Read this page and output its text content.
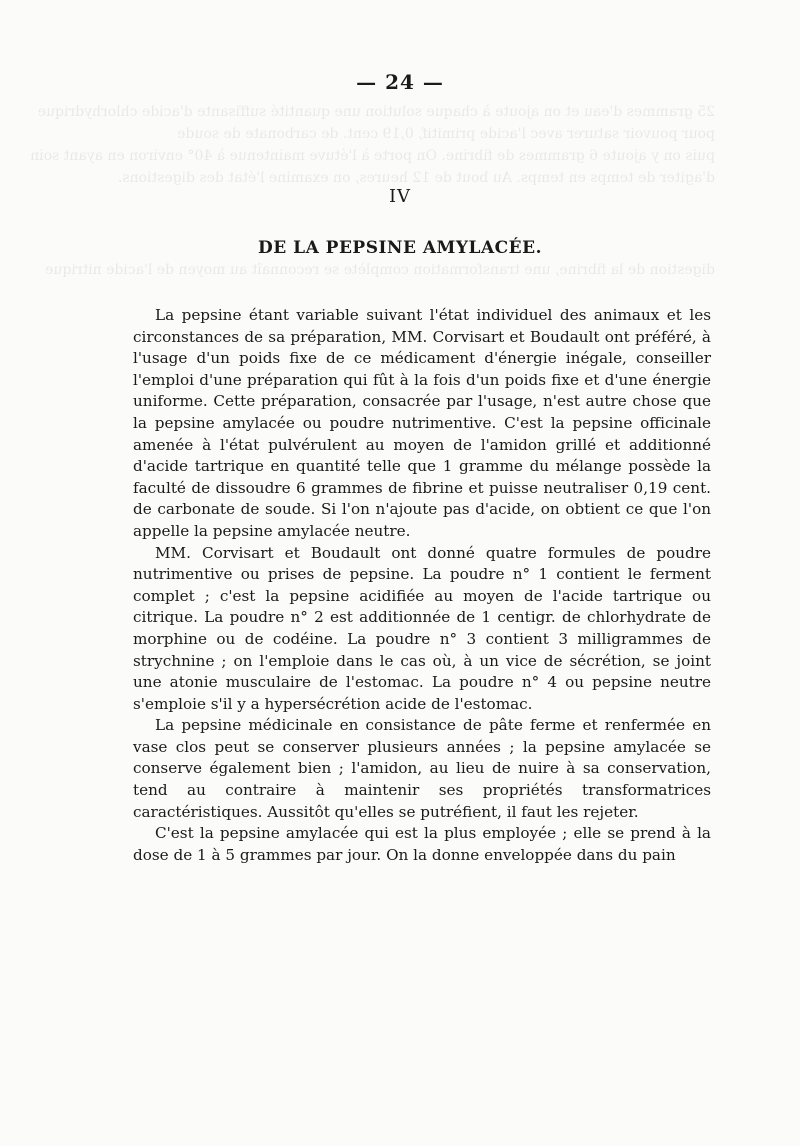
25 grammes d'eau et on ajoute à chaque solution une quantité suffisante d'acide chlorhydrique
pour pouvoir saturer avec l'acide primitif, 0,19 cent. de carbonate de soude
puis on y ajoute 6 grammes de fibrine. On porte à l'étuve maintenue à 40° environ en ayant soin
d'agiter de temps en temps. Au bout de 12 heures, on examine l'état des digestions.
digestion de la fibrine, une transformation complète se reconnaît au moyen de l'acide nitrique
— 24 —
IV
DE LA PEPSINE AMYLACÉE.

La pepsine étant variable suivant l'état individuel des animaux et les circonstances de sa préparation, MM. Corvisart et Boudault ont préféré, à l'usage d'un poids fixe de ce médicament d'énergie inégale, conseiller l'emploi d'une préparation qui fût à la fois d'un poids fixe et d'une énergie uniforme. Cette préparation, consacrée par l'usage, n'est autre chose que la pepsine amylacée ou poudre nutrimentive. C'est la pepsine officinale amenée à l'état pulvérulent au moyen de l'amidon grillé et additionné d'acide tartrique en quantité telle que 1 gramme du mélange possède la faculté de dissoudre 6 grammes de fibrine et puisse neutraliser 0,19 cent. de carbonate de soude. Si l'on n'ajoute pas d'acide, on obtient ce que l'on appelle la pepsine amylacée neutre.

MM. Corvisart et Boudault ont donné quatre formules de poudre nutrimentive ou prises de pepsine. La poudre n° 1 contient le ferment complet ; c'est la pepsine acidifiée au moyen de l'acide tartrique ou citrique. La poudre n° 2 est additionnée de 1 centigr. de chlorhydrate de morphine ou de codéine. La poudre n° 3 contient 3 milligrammes de strychnine ; on l'emploie dans le cas où, à un vice de sécrétion, se joint une atonie musculaire de l'estomac. La poudre n° 4 ou pepsine neutre s'emploie s'il y a hypersécrétion acide de l'estomac.

La pepsine médicinale en consistance de pâte ferme et renfermée en vase clos peut se conserver plusieurs années ; la pepsine amylacée se conserve également bien ; l'amidon, au lieu de nuire à sa conservation, tend au contraire à maintenir ses propriétés transformatrices caractéristiques. Aussitôt qu'elles se putréfient, il faut les rejeter.

C'est la pepsine amylacée qui est la plus employée ; elle se prend à la dose de 1 à 5 grammes par jour. On la donne enveloppée dans du pain
